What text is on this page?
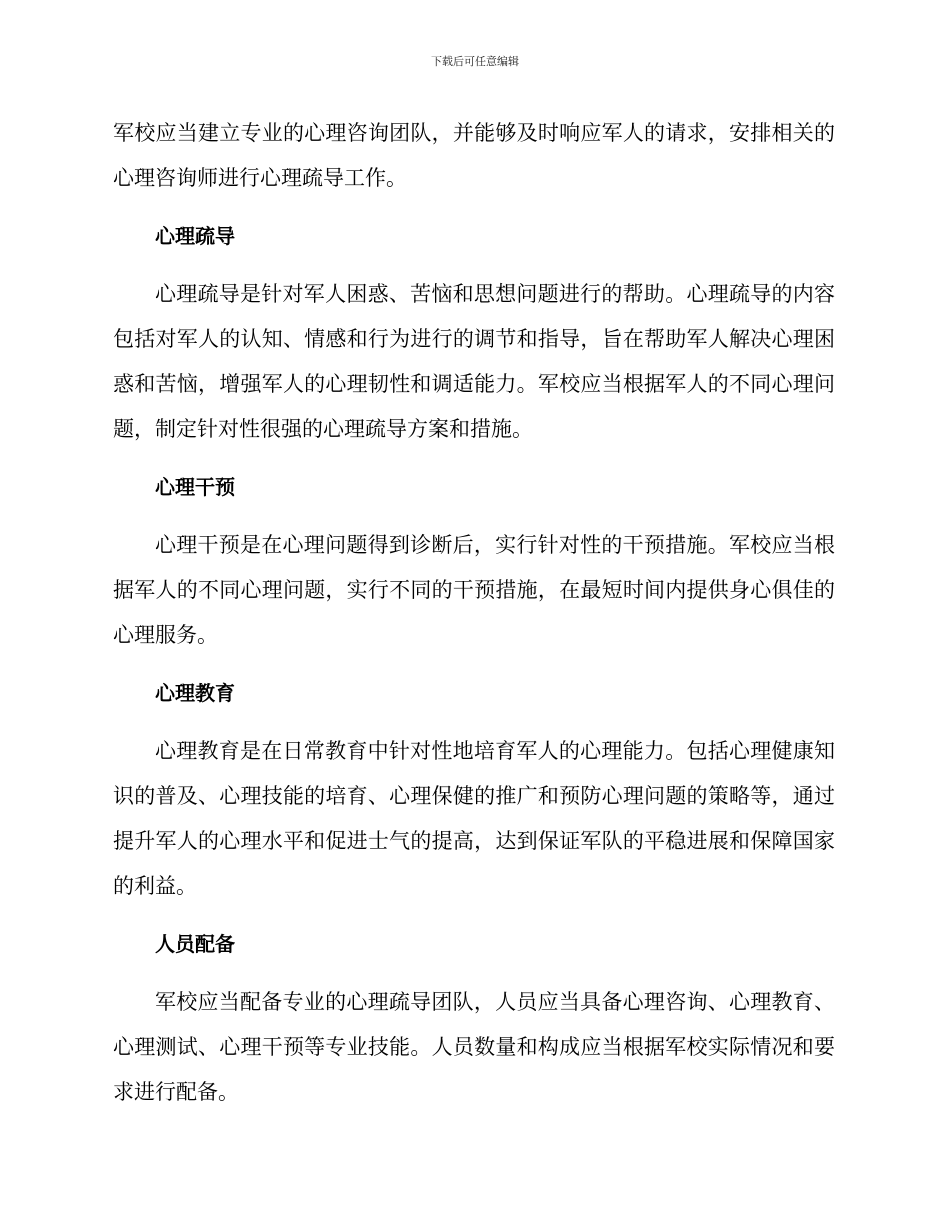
下载后可任意编辑

军校应当建立专业的心理咨询团队，并能够及时响应军人的请求，安排相关的心理咨询师进行心理疏导工作。

心理疏导

心理疏导是针对军人困惑、苦恼和思想问题进行的帮助。心理疏导的内容包括对军人的认知、情感和行为进行的调节和指导，旨在帮助军人解决心理困惑和苦恼，增强军人的心理韧性和调适能力。军校应当根据军人的不同心理问题，制定针对性很强的心理疏导方案和措施。

心理干预

心理干预是在心理问题得到诊断后，实行针对性的干预措施。军校应当根据军人的不同心理问题，实行不同的干预措施，在最短时间内提供身心俱佳的心理服务。

心理教育

心理教育是在日常教育中针对性地培育军人的心理能力。包括心理健康知识的普及、心理技能的培育、心理保健的推广和预防心理问题的策略等，通过提升军人的心理水平和促进士气的提高，达到保证军队的平稳进展和保障国家的利益。

人员配备

军校应当配备专业的心理疏导团队，人员应当具备心理咨询、心理教育、心理测试、心理干预等专业技能。人员数量和构成应当根据军校实际情况和要求进行配备。
